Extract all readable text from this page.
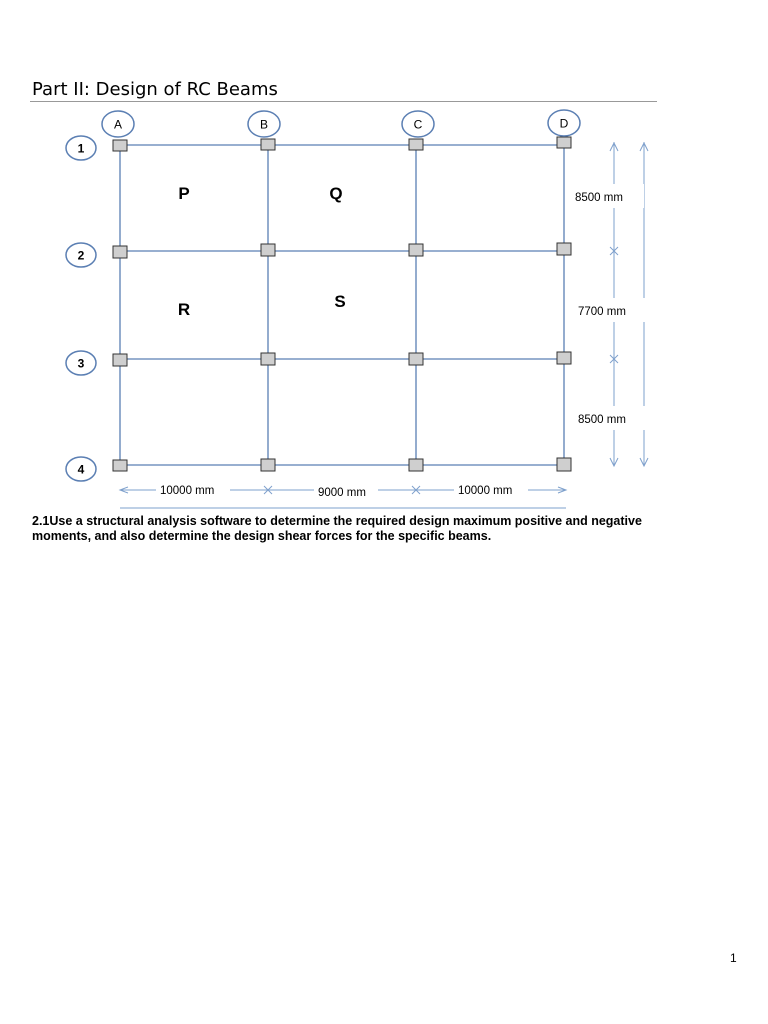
Part II: Design of RC Beams
A	B	C	D
1
2
3
4
P	Q
R	S
8500 mm
7700 mm
8500 mm
10000 mm	9000 mm	10000 mm

2.1Use a structural analysis software to determine the required design maximum positive and negative moments, and also determine the design shear forces for the specific beams.

1
